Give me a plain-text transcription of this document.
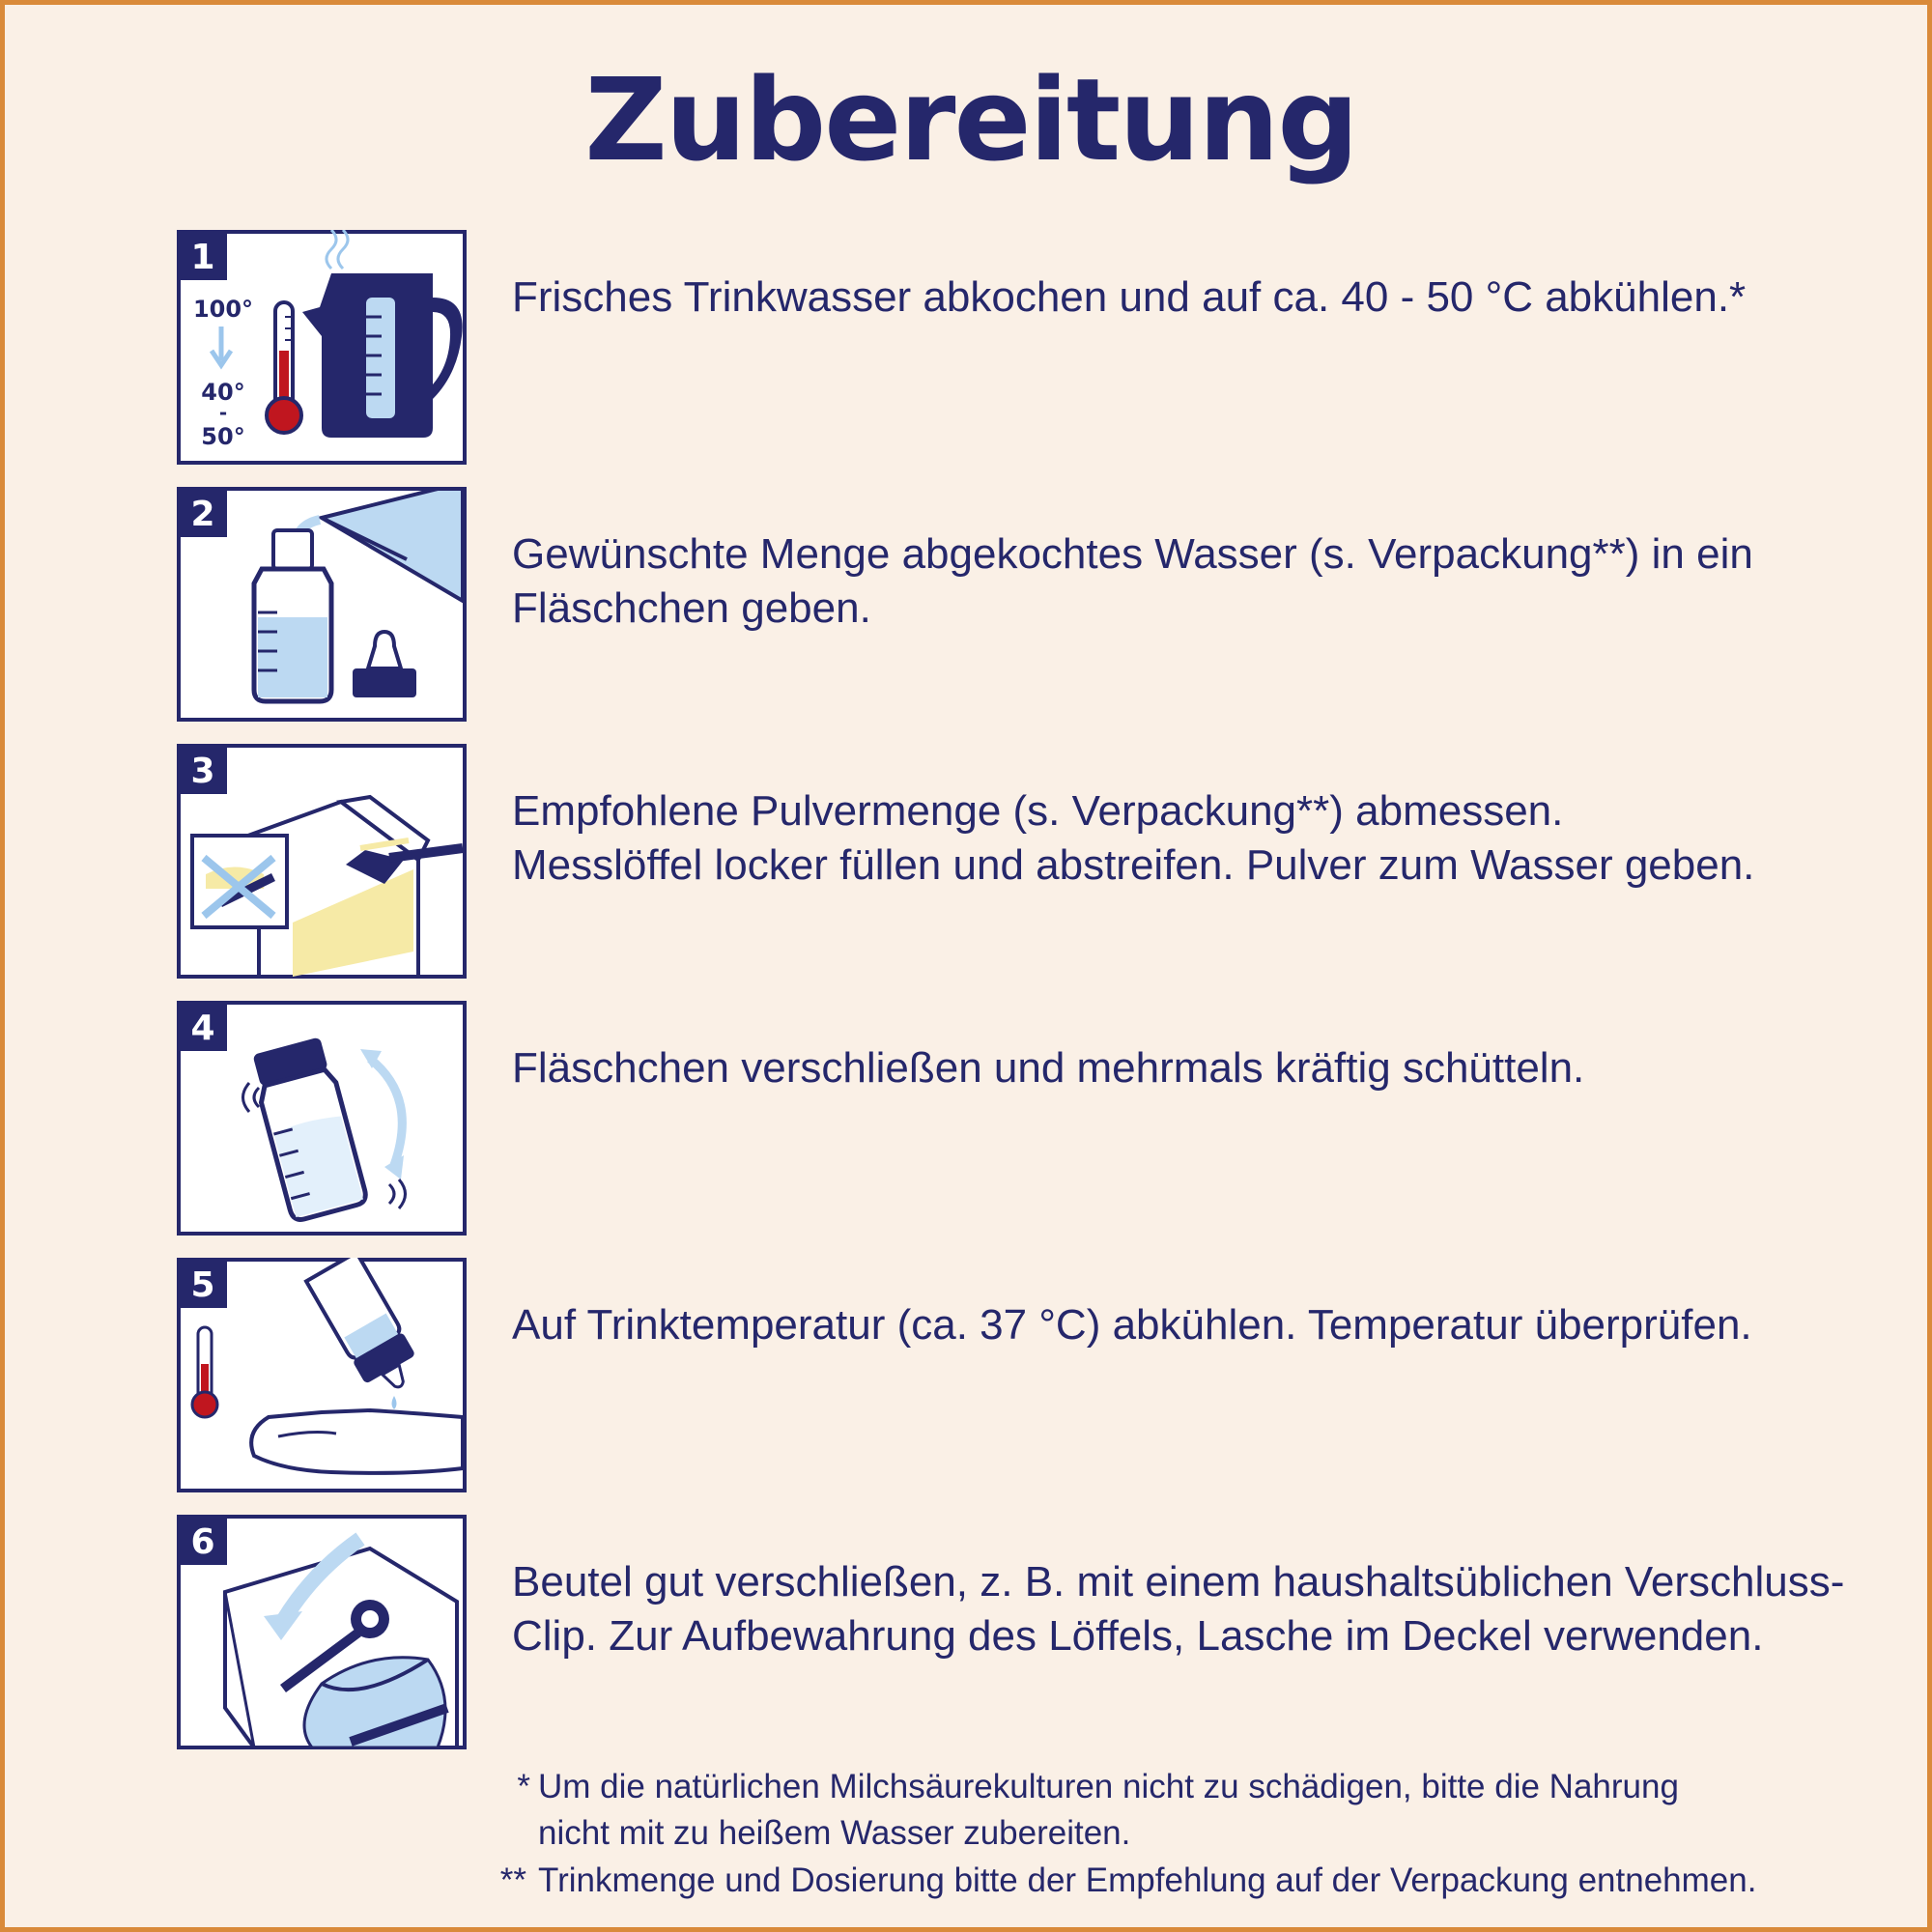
Zubereitung
1
100°
40°
-
50°
Frisches Trinkwasser abkochen und auf ca. 40 - 50 °C abkühlen.*
2
Gewünschte Menge abgekochtes Wasser (s. Verpackung**) in ein
Fläschchen geben.
3
Empfohlene Pulvermenge (s. Verpackung**) abmessen.
Messlöffel locker füllen und abstreifen. Pulver zum Wasser geben.
4
Fläschchen verschließen und mehrmals kräftig schütteln.
5
Auf Trinktemperatur (ca. 37 °C) abkühlen. Temperatur überprüfen.
6
Beutel gut verschließen, z. B. mit einem haushaltsüblichen Verschluss-
Clip. Zur Aufbewahrung des Löffels, Lasche im Deckel verwenden.
* Um die natürlichen Milchsäurekulturen nicht zu schädigen, bitte die Nahrung
nicht mit zu heißem Wasser zubereiten.
** Trinkmenge und Dosierung bitte der Empfehlung auf der Verpackung entnehmen.
